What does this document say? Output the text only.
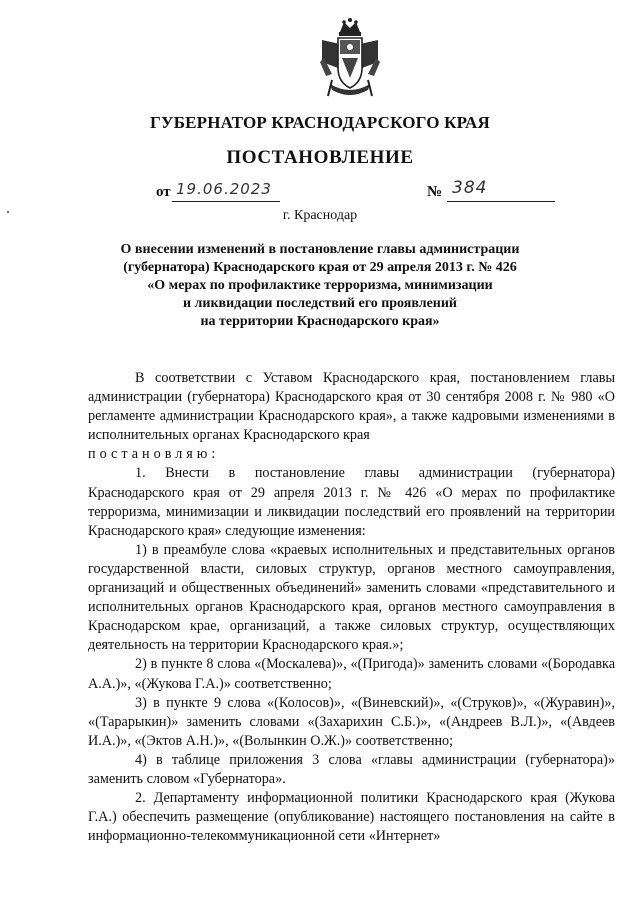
ГУБЕРНАТОР КРАСНОДАРСКОГО КРАЯ
ПОСТАНОВЛЕНИЕ
от 19.06.2023	№ 384
г. Краснодар
О внесении изменений в постановление главы администрации
(губернатора) Краснодарского края от 29 апреля 2013 г. № 426
«О мерах по профилактике терроризма, минимизации
и ликвидации последствий его проявлений
на территории Краснодарского края»

В соответствии с Уставом Краснодарского края, постановлением главы администрации (губернатора) Краснодарского края от 30 сентября 2008 г. № 980 «О регламенте администрации Краснодарского края», а также кадровыми изменениями в исполнительных органах Краснодарского края

постановляю:

1. Внести в постановление главы администрации (губернатора) Краснодарского края от 29 апреля 2013 г. № 426 «О мерах по профилактике терроризма, минимизации и ликвидации последствий его проявлений на территории Краснодарского края» следующие изменения:

1) в преамбуле слова «краевых исполнительных и представительных органов государственной власти, силовых структур, органов местного самоуправления, организаций и общественных объединений» заменить словами «представительного и исполнительных органов Краснодарского края, органов местного самоуправления в Краснодарском крае, организаций, а также силовых структур, осуществляющих деятельность на территории Краснодарского края.»;

2) в пункте 8 слова «(Москалева)», «(Пригода)» заменить словами «(Бородавка А.А.)», «(Жукова Г.А.)» соответственно;

3) в пункте 9 слова «(Колосов)», «(Виневский)», «(Струков)», «(Журавин)», «(Тарарыкин)» заменить словами «(Захарихин С.Б.)», «(Андреев В.Л.)», «(Авдеев И.А.)», «(Эктов А.Н.)», «(Волынкин О.Ж.)» соответственно;

4) в таблице приложения 3 слова «главы администрации (губернатора)» заменить словом «Губернатора».

2. Департаменту информационной политики Краснодарского края (Жукова Г.А.) обеспечить размещение (опубликование) настоящего постановления на сайте в информационно-телекоммуникационной сети «Интернет»
